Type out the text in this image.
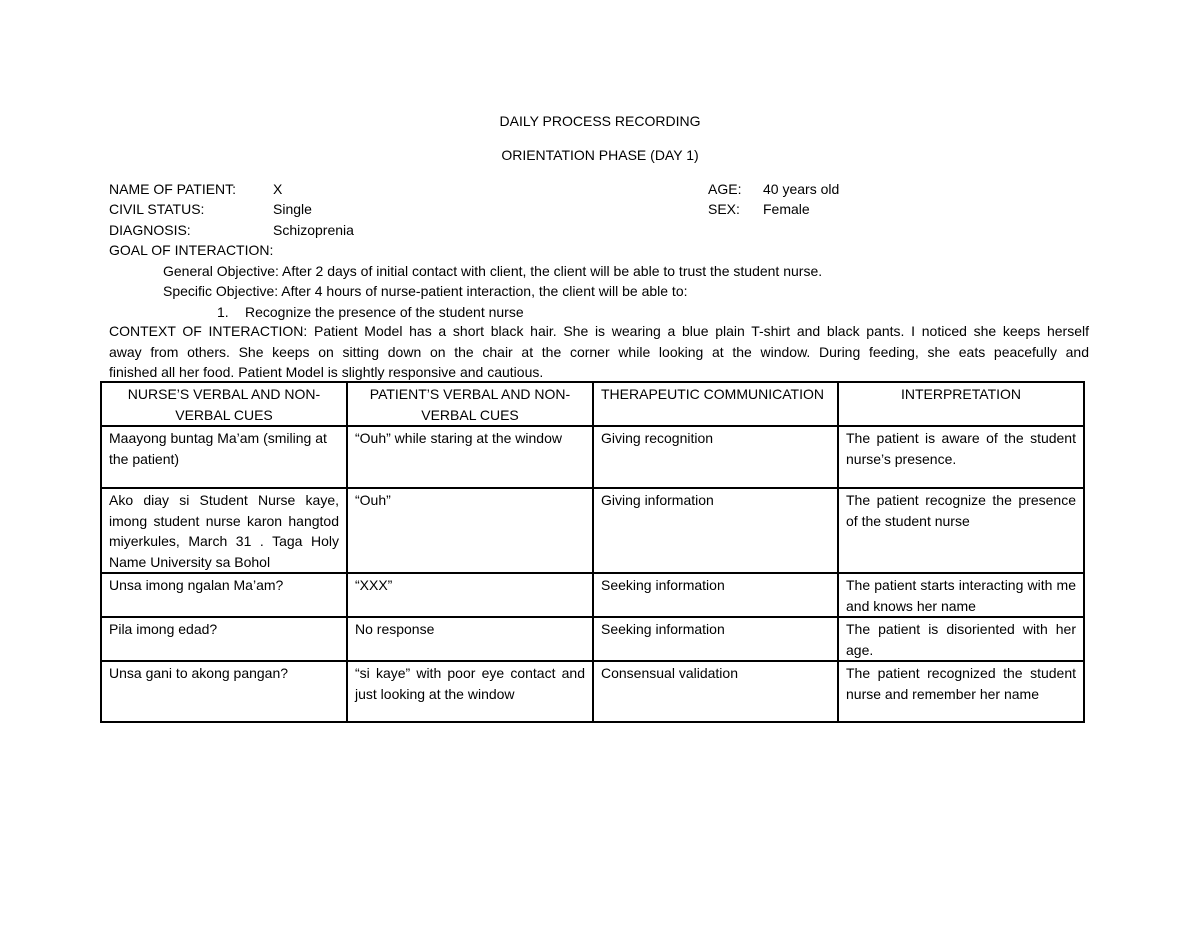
DAILY PROCESS RECORDING
ORIENTATION PHASE (DAY 1)
NAME OF PATIENT:	X
CIVIL STATUS:	Single
DIAGNOSIS:	Schizoprenia
AGE: 40 years old
SEX: Female
GOAL OF INTERACTION:
General Objective: After 2 days of initial contact with client, the client will be able to trust the student nurse.
Specific Objective: After 4 hours of nurse-patient interaction, the client will be able to:
1. Recognize the presence of the student nurse
CONTEXT OF INTERACTION: Patient Model has a short black hair. She is wearing a blue plain T-shirt and black pants. I noticed she keeps herself
away from others. She keeps on sitting down on the chair at the corner while looking at the window. During feeding, she eats peacefully and
finished all her food. Patient Model is slightly responsive and cautious.
NURSE’S VERBAL AND NON-VERBAL CUES	PATIENT’S VERBAL AND NON-VERBAL CUES	THERAPEUTIC COMMUNICATION	INTERPRETATION
Maayong buntag Ma’am (smiling at the patient)	“Ouh” while staring at the window	Giving recognition	The patient is aware of the student nurse’s presence.
Ako diay si Student Nurse kaye, imong student nurse karon hangtod miyerkules, March 31 . Taga Holy Name University sa Bohol	“Ouh”	Giving information	The patient recognize the presence of the student nurse
Unsa imong ngalan Ma’am?	“XXX”	Seeking information	The patient starts interacting with me and knows her name
Pila imong edad?	No response	Seeking information	The patient is disoriented with her age.
Unsa gani to akong pangan?	“si kaye” with poor eye contact and just looking at the window	Consensual validation	The patient recognized the student nurse and remember her name
